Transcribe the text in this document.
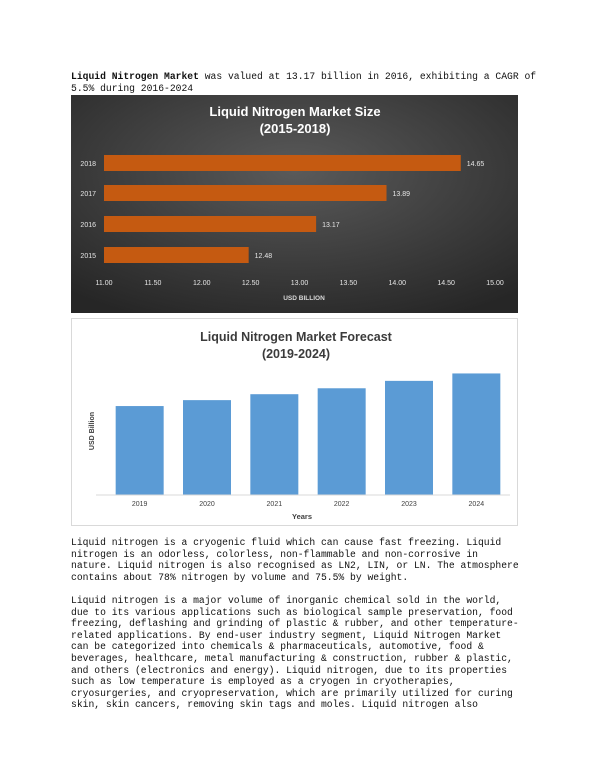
Liquid Nitrogen Market was valued at 13.17 billion in 2016, exhibiting a CAGR of 5.5% during 2016-2024
Liquid Nitrogen Market Size
(2015-2018)
2018	14.65
2017	13.89
2016	13.17
2015	12.48
11.00	11.50	12.00	12.50	13.00	13.50	14.00	14.50	15.00
USD BILLION
Liquid Nitrogen Market Forecast
(2019-2024)
2019	2020	2021	2022	2023	2024
Years
USD Billion
Liquid nitrogen is a cryogenic fluid which can cause fast freezing. Liquid
nitrogen is an odorless, colorless, non-flammable and non-corrosive in
nature. Liquid nitrogen is also recognised as LN2, LIN, or LN. The atmosphere
contains about 78% nitrogen by volume and 75.5% by weight.
Liquid nitrogen is a major volume of inorganic chemical sold in the world,
due to its various applications such as biological sample preservation, food
freezing, deflashing and grinding of plastic & rubber, and other temperature-
related applications. By end-user industry segment, Liquid Nitrogen Market
can be categorized into chemicals & pharmaceuticals, automotive, food &
beverages, healthcare, metal manufacturing & construction, rubber & plastic,
and others (electronics and energy). Liquid nitrogen, due to its properties
such as low temperature is employed as a cryogen in cryotherapies,
cryosurgeries, and cryopreservation, which are primarily utilized for curing
skin, skin cancers, removing skin tags and moles. Liquid nitrogen also
